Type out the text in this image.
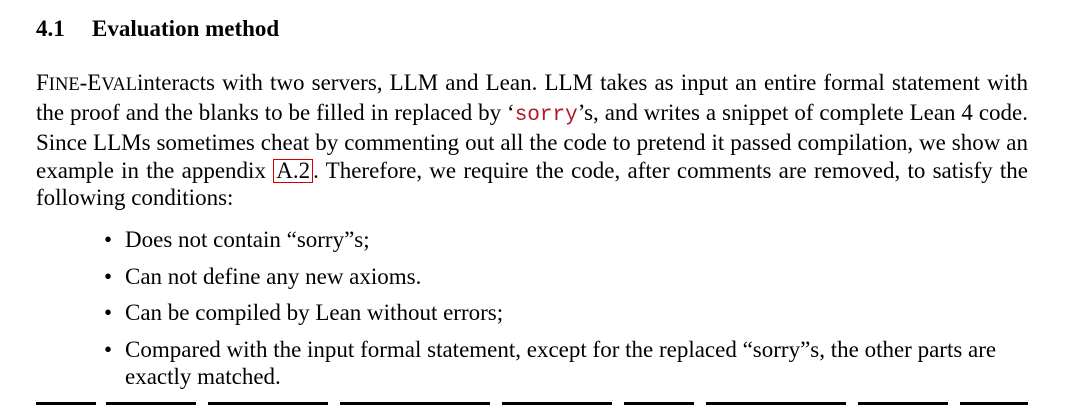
4.1 Evaluation method
FINE-EVALinteracts with two servers, LLM and Lean. LLM takes as input an entire formal statement with the proof and the blanks to be filled in replaced by ‘sorry’s, and writes a snippet of complete Lean 4 code. Since LLMs sometimes cheat by commenting out all the code to pretend it passed compilation, we show an example in the appendix A.2 . Therefore, we require the code, after comments are removed, to satisfy the following conditions:
• Does not contain “sorry”s;
• Can not define any new axioms.
• Can be compiled by Lean without errors;
• Compared with the input formal statement, except for the replaced “sorry”s, the other parts are exactly matched.
